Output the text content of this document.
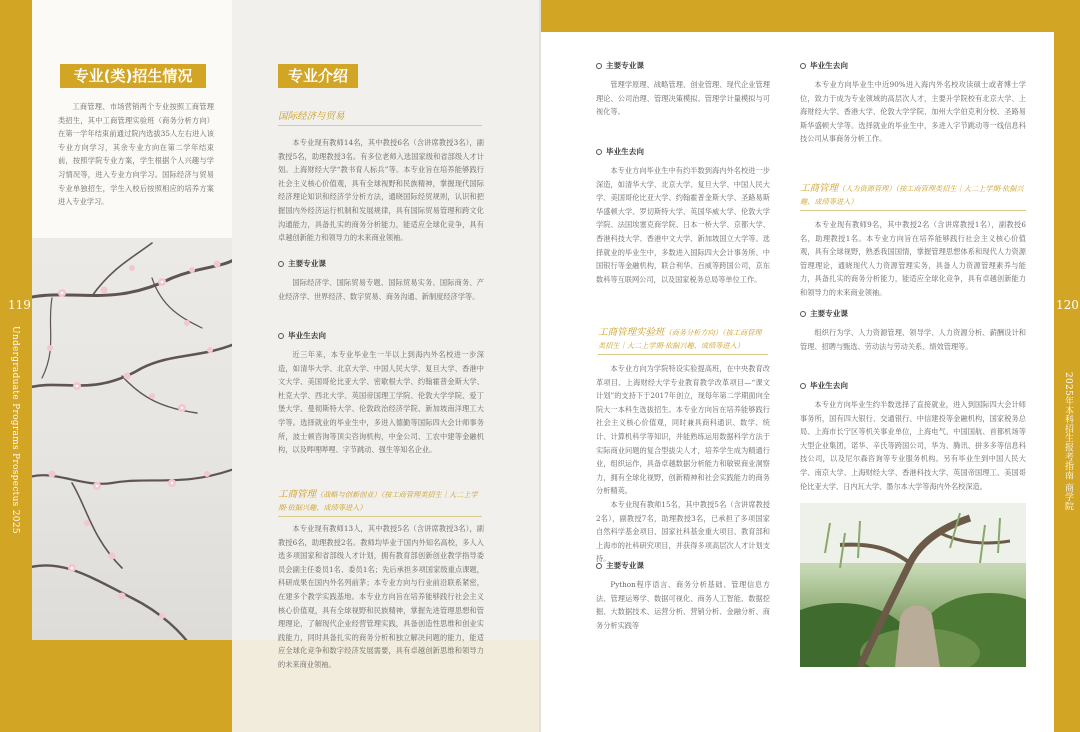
119
Undergraduate Programs Prospectus 2025
120
2025年本科招生报考指南 商学院
专业(类)招生情况

工商管理、市场营销两个专业按照工商管理类招生，其中工商管理实验班（商务分析方向）在第一学年结束前通过院内选拔35人左右进入该专业方向学习，其余专业方向在第二学年结束前，按照学院专业方案，学生根据个人兴趣与学习情况等，进入专业方向学习。国际经济与贸易专业单独招生，学生入校后按照相应的培养方案进入专业学习。

专业介绍
国际经济与贸易

本专业现有教师14名，其中教授6名（含讲席教授3名），副教授5名，助理教授3名。有多位老师入选国家级和省部级人才计划。上海财经大学“教书育人标兵”等。本专业旨在培养能够践行社会主义核心价值观，具有全球视野和民族精神，掌握现代国际经济理论知识和经济学分析方法，通晓国际经贸规则，认识和把握国内外经济运行机制和发展规律，具有国际贸易管理和跨文化沟通能力，具备扎实的商务分析能力，能适应全球化竞争，具有卓越创新能力和领导力的未来商业领袖。

主要专业课

国际经济学、国际贸易专题、国际贸易实务、国际商务、产业经济学、世界经济、数字贸易、商务沟通、新制度经济学等。

毕业生去向

近三年来，本专业毕业生一半以上到海内外名校进一步深造，如清华大学、北京大学、中国人民大学、复旦大学、香港中文大学、美国哥伦比亚大学、密歇根大学、约翰霍普金斯大学、杜克大学、西北大学、英国帝国理工学院、伦敦大学学院、爱丁堡大学、曼彻斯特大学、伦敦政治经济学院、新加坡南洋理工大学等。选择就业的毕业生中，多进入德勤等国际四大会计师事务所，波士顿咨询等顶尖咨询机构，中金公司、工农中建等金融机构，以及哔哩哔哩、字节跳动、强生等知名企业。

工商管理（战略与创新创业）（按工商管理类招生｜大二上学期·依据兴趣、成绩等进入）

本专业现有教师13人，其中教授5名（含讲席教授3名），副教授6名，助理教授2名。教师均毕业于国内外知名高校，多人入选多项国家和省部级人才计划，拥有教育部创新创业教学指导委员会副主任委员1名、委员1名；先后承担多项国家级重点课题，科研成果在国内外名列前茅；本专业方向与行业前沿联系紧密，在建多个教学实践基地。本专业方向旨在培养能够践行社会主义核心价值观，具有全球视野和民族精神，掌握先进管理思想和管理理论，了解现代企业经营管理实践，具备创造性思维和创业实践能力，同时具备扎实的商务分析和独立解决问题的能力，能适应全球化竞争和数字经济发展需要，具有卓越创新思维和领导力的未来商业领袖。

主要专业课

管理学原理、战略管理、创业管理、现代企业管理理论、公司治理、管理决策模拟、管理学计量模拟与可视化等。

毕业生去向

本专业方向毕业生中有约半数到海内外名校进一步深造，如清华大学、北京大学、复旦大学、中国人民大学、美国哥伦比亚大学、约翰霍普金斯大学、圣路易斯华盛顿大学、罗切斯特大学、英国华威大学、伦敦大学学院、法国埃塞克商学院、日本一桥大学、京都大学、香港科技大学、香港中文大学、新加坡国立大学等。选择就业的毕业生中，多数进入国际四大会计事务所、中国银行等金融机构，联合利华、百威等跨国公司，京东数科等互联网公司，以及国家税务总局等单位工作。

工商管理实验班（商务分析方向）（按工商管理类招生｜大二上学期·依据兴趣、成绩等进入）

本专业方向为学院特设实验提高班，在中央教育改革项目、上海财经大学专业教育教学改革项目—“课文计划”的支持下于2017年创立，现每年第二学期面向全院大一本科生选拔招生。本专业方向旨在培养能够践行社会主义核心价值观，同时兼具商科通识、数学、统计、计算机科学等知识，并能熟练运用数据科学方法于实际商业问题的复合型拔尖人才，培养学生成为精通行业，组织运作，具备卓越数据分析能力和敏锐商业洞察力，拥有全球化视野，创新精神和社会实践能力的商务分析精英。

本专业现有教师15名，其中教授5名（含讲席教授2名），副教授7名，助理教授3名，已承担了多项国家自然科学基金项目、国家社科基金重大项目、教育部和上海市的社科研究项目，并获得多项高层次人才计划支持。

主要专业课

Python程序语言、商务分析基础、管理信息方法、管理运筹学、数据可视化、商务人工智能、数据挖掘、大数据技术、运营分析、营销分析、金融分析、商务分析实践等

毕业生去向

本专业方向毕业生中近90%进入海内外名校攻读硕士或者博士学位，致力于成为专业领域的高层次人才，主要升学院校有北京大学、上海财经大学、香港大学、伦敦大学学院、加州大学伯克利分校、圣路易斯华盛顿大学等。选择就业的毕业生中，多进入字节跳动等一线信息科技公司从事商务分析工作。

工商管理（人力资源管理）（按工商管理类招生｜大二上学期·依据兴趣、成绩等进入）

本专业现有教师9名，其中教授2名（含讲席教授1名），副教授6名，助理教授1名。本专业方向旨在培养能够践行社会主义核心价值观，具有全球视野，熟悉我国国情，掌握管理思想体系和现代人力资源管理理论，通晓现代人力资源管理实务，具备人力资源管理素养与能力，具备扎实的商务分析能力，能适应全球化竞争，具有卓越创新能力和领导力的未来商业领袖。

主要专业课

组织行为学、人力资源管理、领导学、人力资源分析、薪酬设计和管理、招聘与甄选、劳动法与劳动关系、绩效管理等。

毕业生去向

本专业方向毕业生约半数选择了直接就业，进入到国际四大会计师事务所，国有四大银行、交通银行、中信建投等金融机构，国家税务总局、上海市长宁区等机关事业单位，上海电气、中国国航、首都机场等大型企业集团，诺华、辛氏等跨国公司，华为、腾讯、拼多多等信息科技公司，以及尼尔森咨询等专业服务机构。另有毕业生到中国人民大学、南京大学、上海财经大学、香港科技大学、英国帝国理工、美国哥伦比亚大学、日内瓦大学、墨尔本大学等海内外名校深造。
